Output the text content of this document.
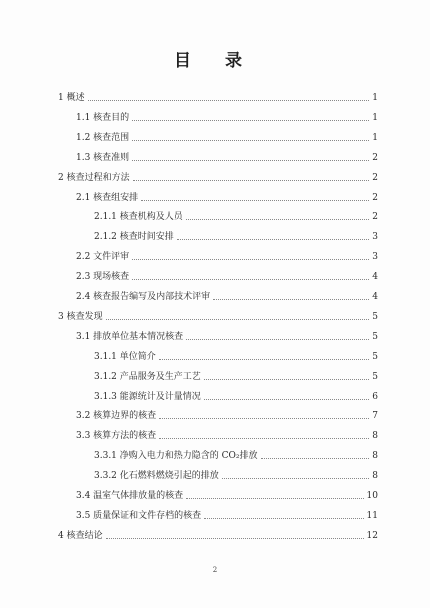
目 录
1 概述	1
1.1 核查目的	1
1.2 核查范围	1
1.3 核查准则	2
2 核查过程和方法	2
2.1 核查组安排	2
2.1.1 核查机构及人员	2
2.1.2 核查时间安排	3
2.2 文件评审	3
2.3 现场核查	4
2.4 核查报告编写及内部技术评审	4
3 核查发现	5
3.1 排放单位基本情况核查	5
3.1.1 单位简介	5
3.1.2 产品服务及生产工艺	5
3.1.3 能源统计及计量情况	6
3.2 核算边界的核查	7
3.3 核算方法的核查	8
3.3.1 净购入电力和热力隐含的 CO₂排放	8
3.3.2 化石燃料燃烧引起的排放	8
3.4 温室气体排放量的核查	10
3.5 质量保证和文件存档的核查	11
4 核查结论	12
2
